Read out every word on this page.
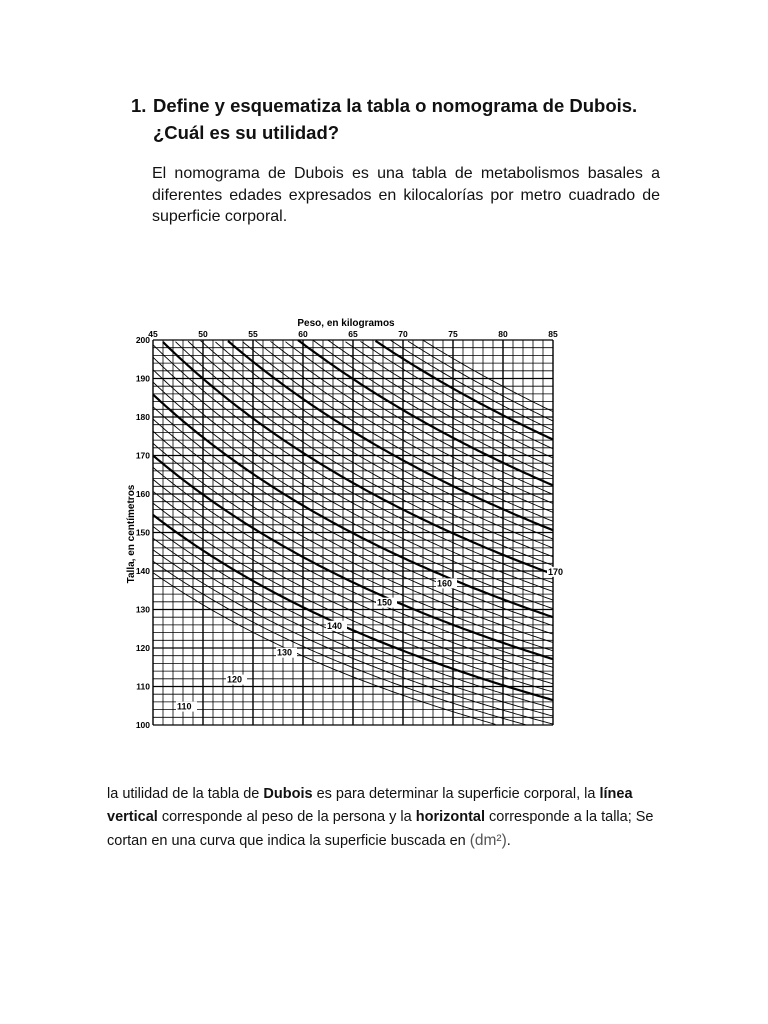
1. Define y esquematiza la tabla o nomograma de Dubois.
¿Cuál es su utilidad?

El nomograma de Dubois es una tabla de metabolismos basales a diferentes edades expresados en kilocalorías por metro cuadrado de superficie corporal.

110
120
130
140
150
160
170
45	50	55	60	65	70	75	80	85
100
110
120
130
140
150
160
170
180
190
200
Peso, en kilogramos
Talla, en centímetros

la utilidad de la tabla de Dubois es para determinar la superficie corporal, la línea vertical corresponde al peso de la persona y la horizontal corresponde a la talla; Se cortan en una curva que indica la superficie buscada en (dm²).
